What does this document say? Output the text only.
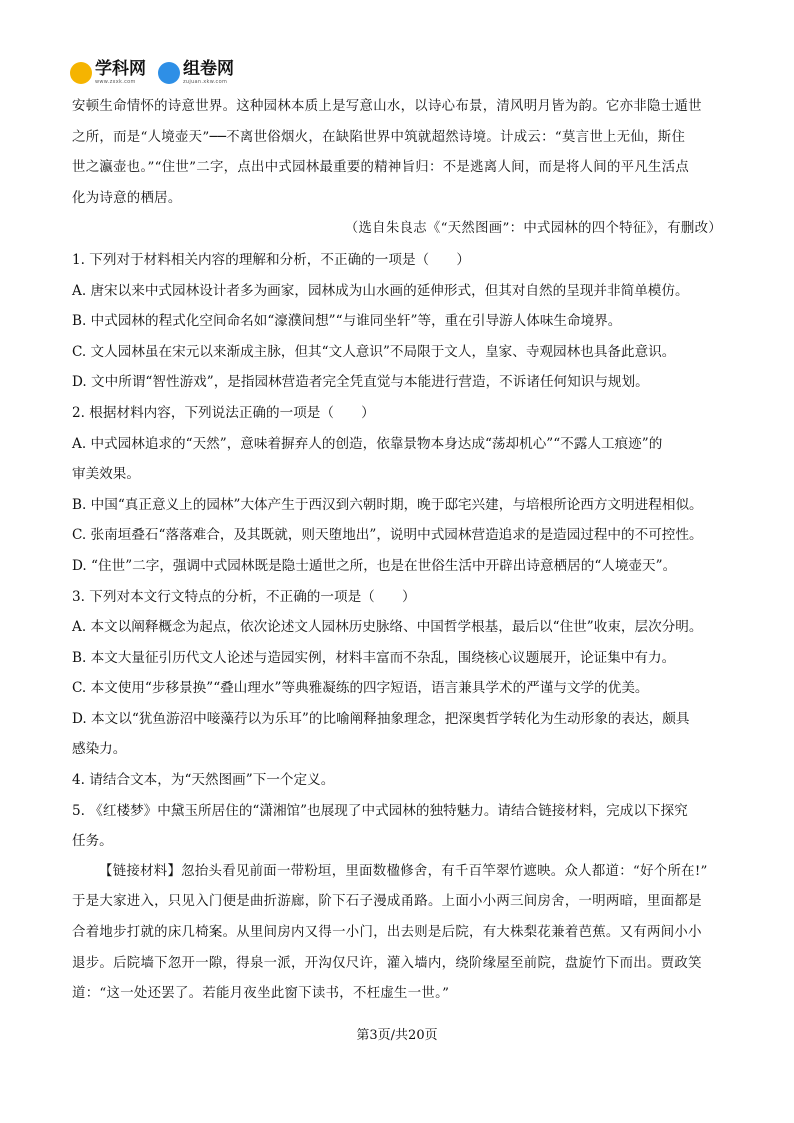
学科网
www.zxxk.com
组卷网
zujuan.xkw.com

安顿生命情怀的诗意世界。这种园林本质上是写意山水，以诗心布景，清风明月皆为韵。它亦非隐士遁世

之所，而是“人境壶天”──不离世俗烟火，在缺陷世界中筑就超然诗境。计成云：“莫言世上无仙，斯住

世之瀛壶也。”“住世”二字，点出中式园林最重要的精神旨归：不是逃离人间，而是将人间的平凡生活点

化为诗意的栖居。

（选自朱良志《“天然图画”：中式园林的四个特征》，有删改）

1. 下列对于材料相关内容的理解和分析，不正确的一项是（　　）

A. 唐宋以来中式园林设计者多为画家，园林成为山水画的延伸形式，但其对自然的呈现并非简单模仿。

B. 中式园林的程式化空间命名如“濠濮间想”“与谁同坐轩”等，重在引导游人体味生命境界。

C. 文人园林虽在宋元以来渐成主脉，但其“文人意识”不局限于文人，皇家、寺观园林也具备此意识。

D. 文中所谓“智性游戏”，是指园林营造者完全凭直觉与本能进行营造，不诉诸任何知识与规划。

2. 根据材料内容，下列说法正确的一项是（　　）

A. 中式园林追求的“天然”，意味着摒弃人的创造，依靠景物本身达成“荡却机心”“不露人工痕迹”的

审美效果。

B. 中国“真正意义上的园林”大体产生于西汉到六朝时期，晚于邸宅兴建，与培根所论西方文明进程相似。

C. 张南垣叠石“落落难合，及其既就，则天堕地出”，说明中式园林营造追求的是造园过程中的不可控性。

D. “住世”二字，强调中式园林既是隐士遁世之所，也是在世俗生活中开辟出诗意栖居的“人境壶天”。

3. 下列对本文行文特点的分析，不正确的一项是（　　）

A. 本文以阐释概念为起点，依次论述文人园林历史脉络、中国哲学根基，最后以“住世”收束，层次分明。

B. 本文大量征引历代文人论述与造园实例，材料丰富而不杂乱，围绕核心议题展开，论证集中有力。

C. 本文使用“步移景换”“叠山理水”等典雅凝练的四字短语，语言兼具学术的严谨与文学的优美。

D. 本文以“犹鱼游沼中唼藻荇以为乐耳”的比喻阐释抽象理念，把深奥哲学转化为生动形象的表达，颇具

感染力。

4. 请结合文本，为“天然图画”下一个定义。

5. 《红楼梦》中黛玉所居住的“潇湘馆”也展现了中式园林的独特魅力。请结合链接材料，完成以下探究

任务。

【链接材料】忽抬头看见前面一带粉垣，里面数楹修舍，有千百竿翠竹遮映。众人都道：“好个所在!”

于是大家进入，只见入门便是曲折游廊，阶下石子漫成甬路。上面小小两三间房舍，一明两暗，里面都是

合着地步打就的床几椅案。从里间房内又得一小门，出去则是后院，有大株梨花兼着芭蕉。又有两间小小

退步。后院墙下忽开一隙，得泉一派，开沟仅尺许，灌入墙内，绕阶缘屋至前院，盘旋竹下而出。贾政笑

道：“这一处还罢了。若能月夜坐此窗下读书，不枉虚生一世。”

第3页/共20页
